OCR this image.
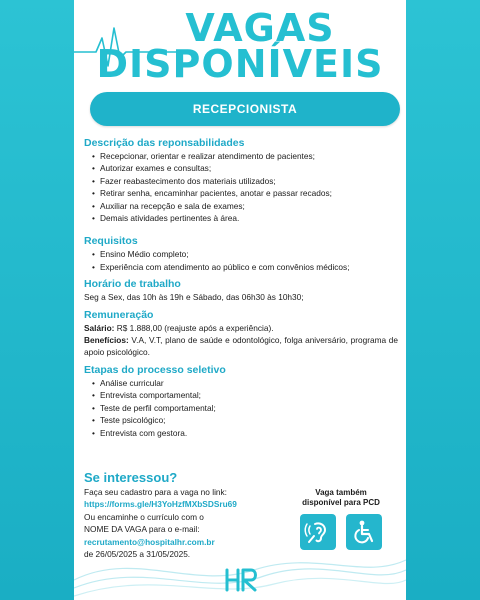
VAGAS
DISPONÍVEIS
RECEPCIONISTA
Descrição das reponsabilidades
• Recepcionar, orientar e realizar atendimento de pacientes;
• Autorizar exames e consultas;
• Fazer reabastecimento dos materiais utilizados;
• Retirar senha, encaminhar pacientes, anotar e passar recados;
• Auxiliar na recepção e sala de exames;
• Demais atividades pertinentes à área.
Requisitos
• Ensino Médio completo;
• Experiência com atendimento ao público e com convênios médicos;
Horário de trabalho
Seg a Sex, das 10h às 19h e Sábado, das 06h30 às 10h30;
Remuneração
Salário: R$ 1.888,00 (reajuste após a experiência).
Benefícios: V.A, V.T, plano de saúde e odontológico, folga aniversário, programa de apoio psicológico.
Etapas do processo seletivo
• Análise curricular
• Entrevista comportamental;
• Teste de perfil comportamental;
• Teste psicológico;
• Entrevista com gestora.
Se interessou?
Faça seu cadastro para a vaga no link:
https://forms.gle/H3YoHzfMXbSDSru69
Ou encaminhe o currículo com o
NOME DA VAGA para o e-mail:
recrutamento@hospitalhr.com.br
de 26/05/2025 a 31/05/2025.
Vaga também
disponível para PCD
